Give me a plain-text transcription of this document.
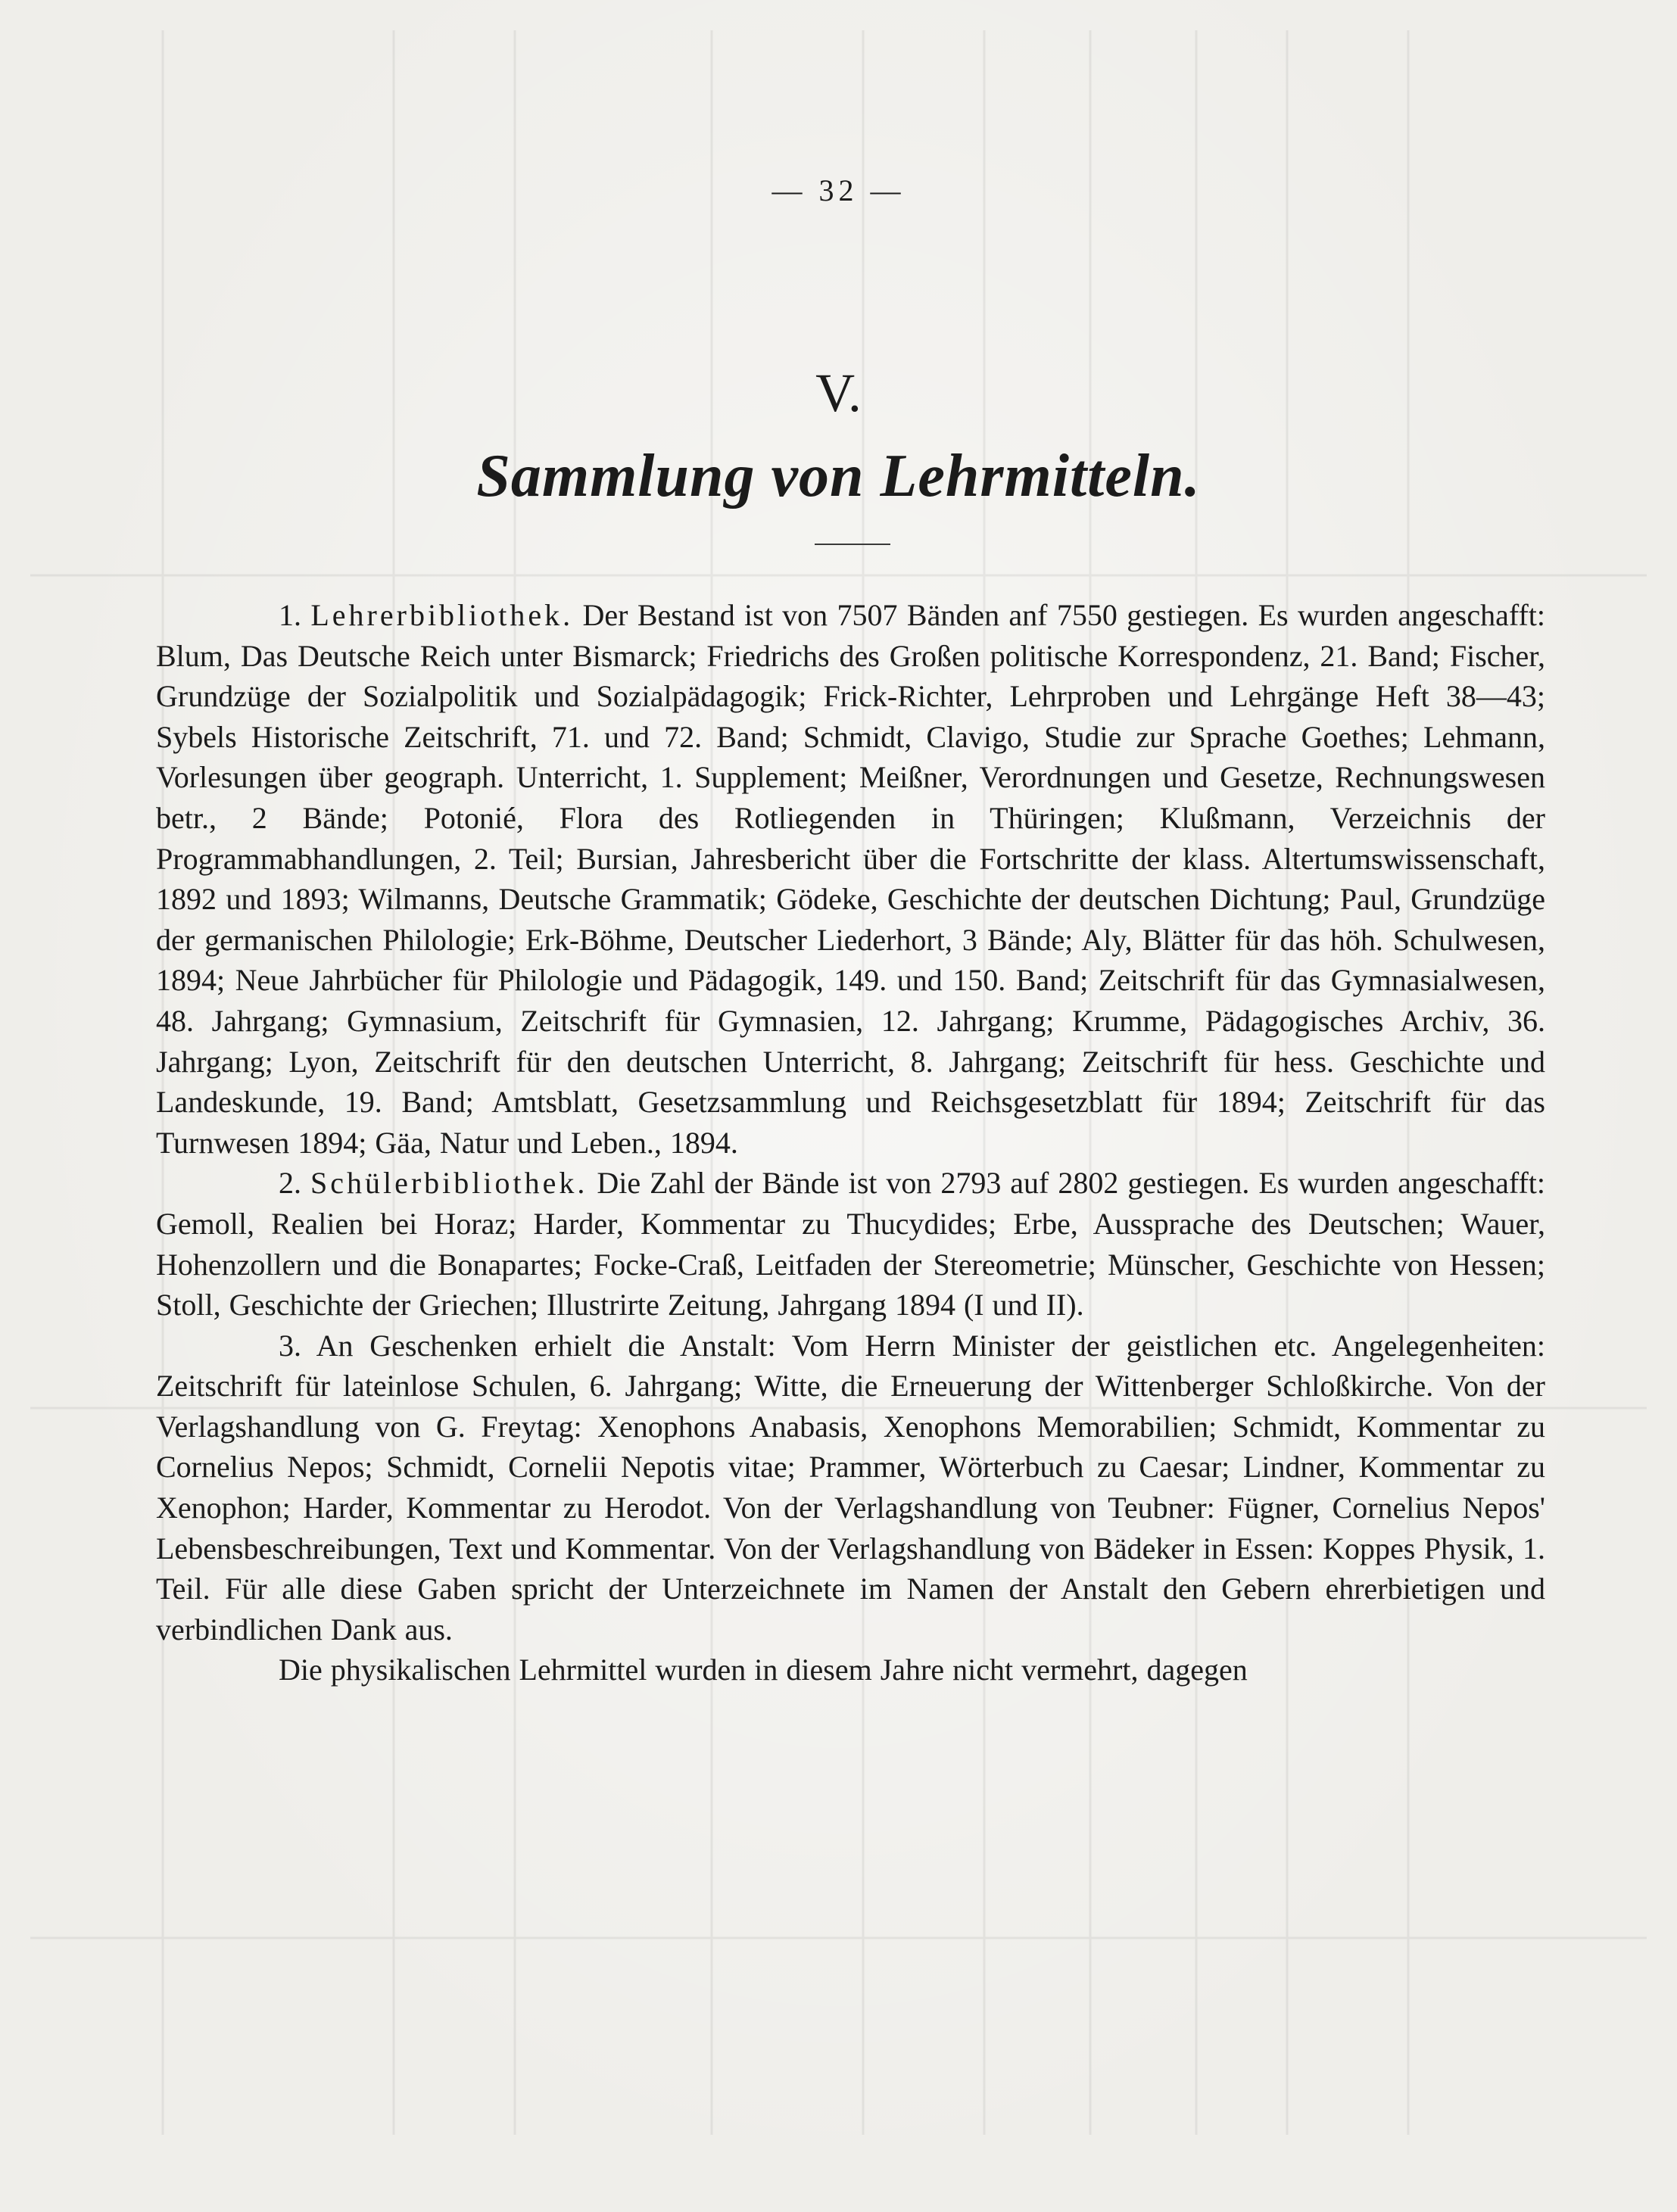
— 32 —
V.
Sammlung von Lehrmitteln.

1. Lehrerbibliothek. Der Bestand ist von 7507 Bänden anf 7550 gestiegen. Es wurden angeschafft: Blum, Das Deutsche Reich unter Bismarck; Friedrichs des Großen politische Korrespondenz, 21. Band; Fischer, Grundzüge der Sozialpolitik und Sozialpädagogik; Frick-Richter, Lehrproben und Lehrgänge Heft 38—43; Sybels Historische Zeitschrift, 71. und 72. Band; Schmidt, Clavigo, Studie zur Sprache Goethes; Lehmann, Vorlesungen über geograph. Unterricht, 1. Supplement; Meißner, Verordnungen und Gesetze, Rechnungswesen betr., 2 Bände; Potonié, Flora des Rotliegenden in Thüringen; Klußmann, Verzeichnis der Programmabhandlungen, 2. Teil; Bursian, Jahresbericht über die Fortschritte der klass. Altertumswissenschaft, 1892 und 1893; Wilmanns, Deutsche Grammatik; Gödeke, Geschichte der deutschen Dichtung; Paul, Grundzüge der germanischen Philologie; Erk-Böhme, Deutscher Liederhort, 3 Bände; Aly, Blätter für das höh. Schulwesen, 1894; Neue Jahrbücher für Philologie und Pädagogik, 149. und 150. Band; Zeitschrift für das Gymnasialwesen, 48. Jahrgang; Gymnasium, Zeitschrift für Gymnasien, 12. Jahrgang; Krumme, Pädagogisches Archiv, 36. Jahrgang; Lyon, Zeitschrift für den deutschen Unterricht, 8. Jahrgang; Zeitschrift für hess. Geschichte und Landeskunde, 19. Band; Amtsblatt, Gesetzsammlung und Reichsgesetzblatt für 1894; Zeitschrift für das Turnwesen 1894; Gäa, Natur und Leben., 1894.

2. Schülerbibliothek. Die Zahl der Bände ist von 2793 auf 2802 gestiegen. Es wurden angeschafft: Gemoll, Realien bei Horaz; Harder, Kommentar zu Thucydides; Erbe, Aussprache des Deutschen; Wauer, Hohenzollern und die Bonapartes; Focke-Craß, Leitfaden der Stereometrie; Münscher, Geschichte von Hessen; Stoll, Geschichte der Griechen; Illustrirte Zeitung, Jahrgang 1894 (I und II).

3. An Geschenken erhielt die Anstalt: Vom Herrn Minister der geistlichen etc. Angelegenheiten: Zeitschrift für lateinlose Schulen, 6. Jahrgang; Witte, die Erneuerung der Wittenberger Schloßkirche. Von der Verlagshandlung von G. Freytag: Xenophons Anabasis, Xenophons Memorabilien; Schmidt, Kommentar zu Cornelius Nepos; Schmidt, Cornelii Nepotis vitae; Prammer, Wörterbuch zu Caesar; Lindner, Kommentar zu Xenophon; Harder, Kommentar zu Herodot. Von der Verlagshandlung von Teubner: Fügner, Cornelius Nepos' Lebensbeschreibungen, Text und Kommentar. Von der Verlagshandlung von Bädeker in Essen: Koppes Physik, 1. Teil. Für alle diese Gaben spricht der Unterzeichnete im Namen der Anstalt den Gebern ehrerbietigen und verbindlichen Dank aus.

Die physikalischen Lehrmittel wurden in diesem Jahre nicht vermehrt, dagegen
